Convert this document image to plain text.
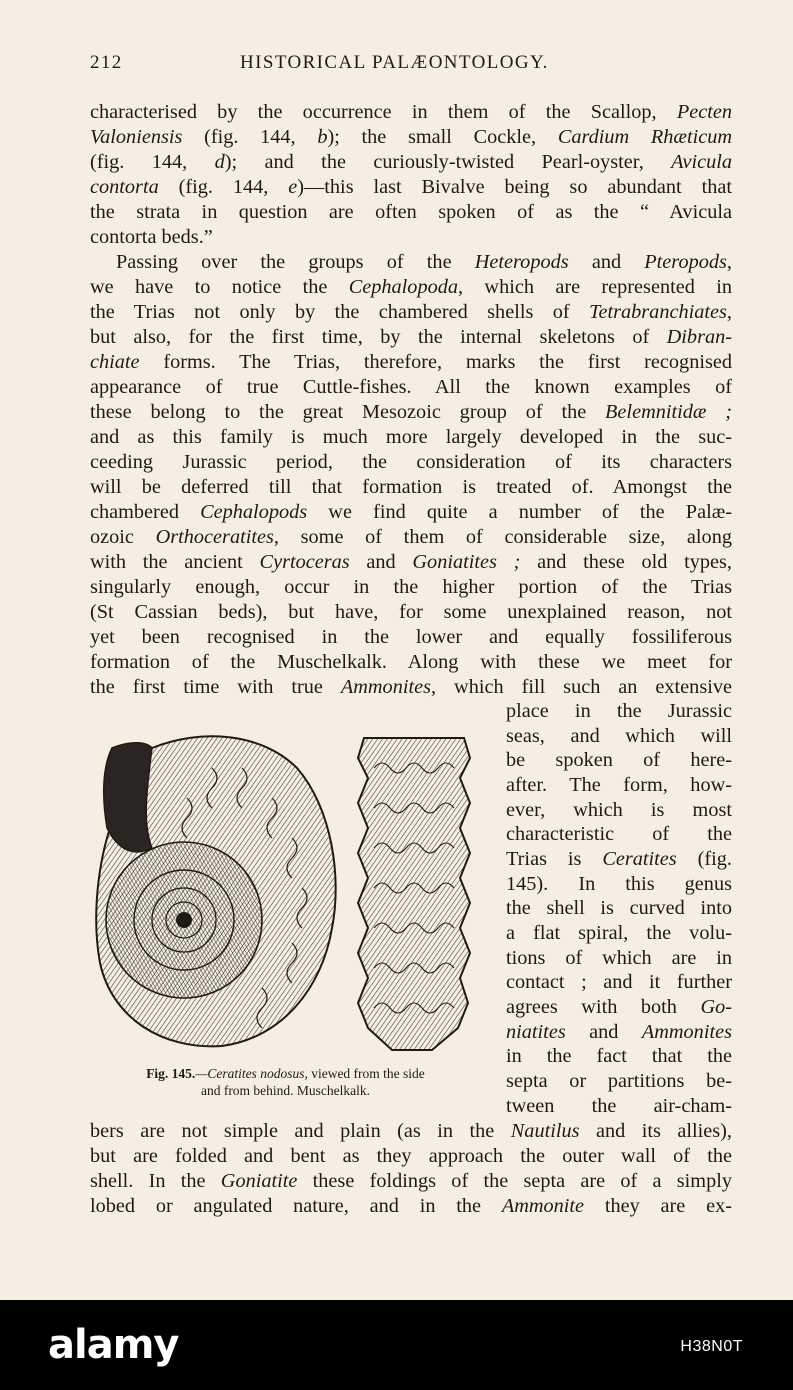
212	HISTORICAL PALÆONTOLOGY.
characterised by the occurrence in them of the Scallop, Pecten
Valoniensis (fig. 144, b); the small Cockle, Cardium Rhæticum
(fig. 144, d); and the curiously-twisted Pearl-oyster, Avicula
contorta (fig. 144, e)—this last Bivalve being so abundant that
the strata in question are often spoken of as the “ Avicula
contorta beds.”
Passing over the groups of the Heteropods and Pteropods,
we have to notice the Cephalopoda, which are represented in
the Trias not only by the chambered shells of Tetrabranchiates,
but also, for the first time, by the internal skeletons of Dibran-
chiate forms. The Trias, therefore, marks the first recognised
appearance of true Cuttle-fishes. All the known examples of
these belong to the great Mesozoic group of the Belemnitidæ ;
and as this family is much more largely developed in the suc-
ceeding Jurassic period, the consideration of its characters
will be deferred till that formation is treated of. Amongst the
chambered Cephalopods we find quite a number of the Palæ-
ozoic Orthoceratites, some of them of considerable size, along
with the ancient Cyrtoceras and Goniatites ; and these old types,
singularly enough, occur in the higher portion of the Trias
(St Cassian beds), but have, for some unexplained reason, not
yet been recognised in the lower and equally fossiliferous
formation of the Muschelkalk. Along with these we meet for
the first time with true Ammonites, which fill such an extensive
place in the Jurassic
seas, and which will
be spoken of here-
after. The form, how-
ever, which is most
characteristic of the
Trias is Ceratites (fig.
145). In this genus
the shell is curved into
a flat spiral, the volu-
tions of which are in
contact ; and it further
agrees with both Go-
niatites and Ammonites
in the fact that the
septa or partitions be-
tween the air-cham-
bers are not simple and plain (as in the Nautilus and its allies),
but are folded and bent as they approach the outer wall of the
shell. In the Goniatite these foldings of the septa are of a simply
lobed or angulated nature, and in the Ammonite they are ex-
Fig. 145.—Ceratites nodosus, viewed from the side
and from behind. Muschelkalk.
alamy	H38N0T
